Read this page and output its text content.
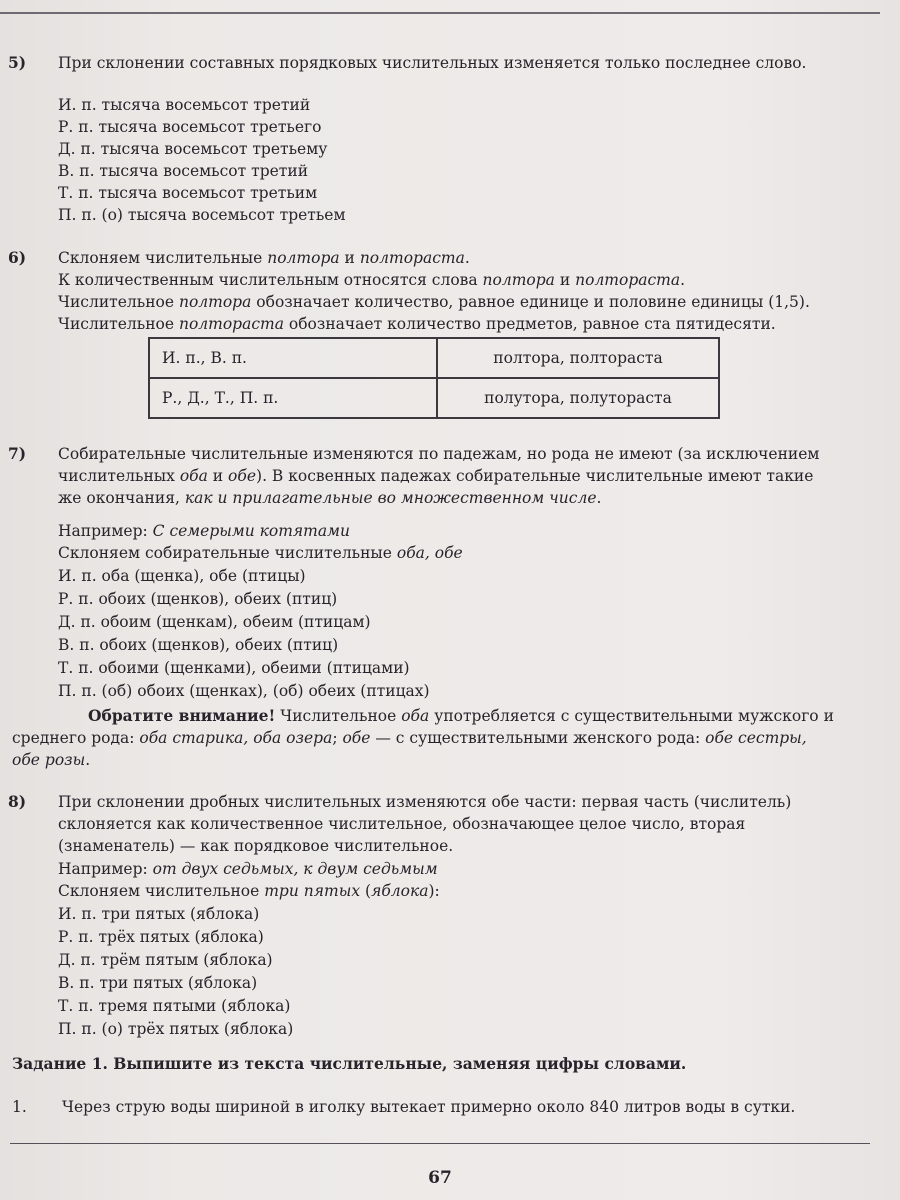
5)	При склонении составных порядковых числительных изменяется только последнее слово.
И. п. тысяча восемьсот третий
Р. п. тысяча восемьсот третьего
Д. п. тысяча восемьсот третьему
В. п. тысяча восемьсот третий
Т. п. тысяча восемьсот третьим
П. п. (о) тысяча восемьсот третьем
6)	Склоняем числительные полтора и полтораста.
К количественным числительным относятся слова полтора и полтораста.
Числительное полтора обозначает количество, равное единице и половине единицы (1,5).
Числительное полтораста обозначает количество предметов, равное ста пятидесяти.
И. п., В. п.	полтора, полтораста
Р., Д., Т., П. п.	полутора, полутораста
7)	Собирательные числительные изменяются по падежам, но рода не имеют (за исключением
числительных оба и обе). В косвенных падежах собирательные числительные имеют такие
же окончания, как и прилагательные во множественном числе.
Например: С семерыми котятами
Склоняем собирательные числительные оба, обе
И. п. оба (щенка), обе (птицы)
Р. п. обоих (щенков), обеих (птиц)
Д. п. обоим (щенкам), обеим (птицам)
В. п. обоих (щенков), обеих (птиц)
Т. п. обоими (щенками), обеими (птицами)
П. п. (об) обоих (щенках), (об) обеих (птицах)
Обратите внимание! Числительное оба употребляется с существительными мужского и
среднего рода: оба старика, оба озера; обе — с существительными женского рода: обе сестры,
обе розы.
8)	При склонении дробных числительных изменяются обе части: первая часть (числитель)
склоняется как количественное числительное, обозначающее целое число, вторая
(знаменатель) — как порядковое числительное.
Например: от двух седьмых, к двум седьмым
Склоняем числительное три пятых (яблока):
И. п. три пятых (яблока)
Р. п. трёх пятых (яблока)
Д. п. трём пятым (яблока)
В. п. три пятых (яблока)
Т. п. тремя пятыми (яблока)
П. п. (о) трёх пятых (яблока)
Задание 1. Выпишите из текста числительные, заменяя цифры словами.
1.	Через струю воды шириной в иголку вытекает примерно около 840 литров воды в сутки.
67
